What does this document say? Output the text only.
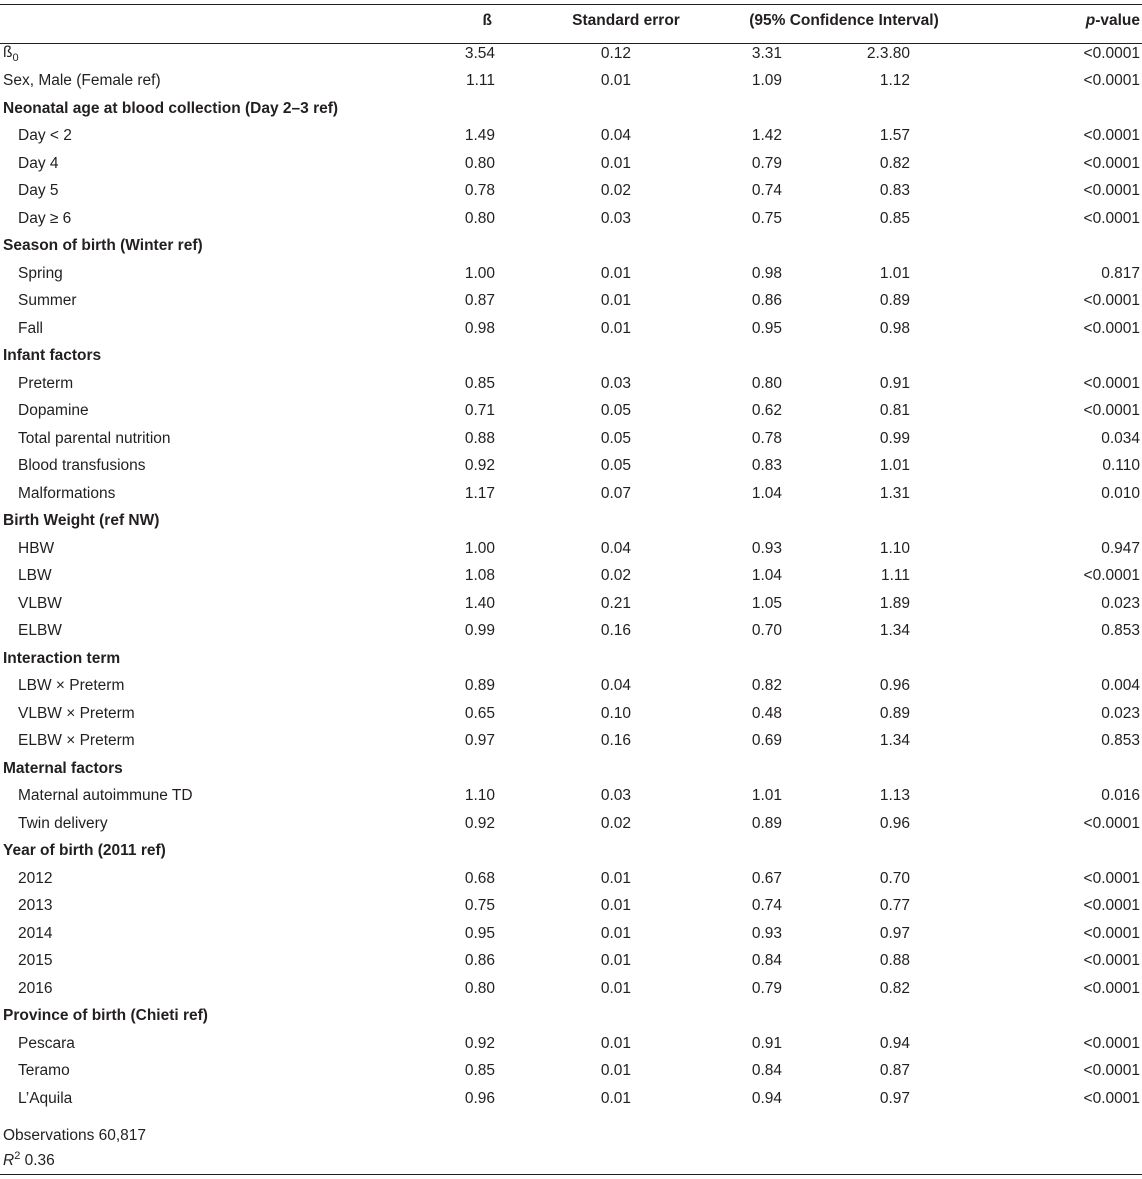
	ß	Standard error	(95% Confidence Interval)		p-value
$ß_0$	3.54	0.12	3.31	2.3.80	<0.0001
Sex, Male (Female ref)	1.11	0.01	1.09	1.12	<0.0001
Neonatal age at blood collection (Day 2–3 ref)					
Day < 2	1.49	0.04	1.42	1.57	<0.0001
Day 4	0.80	0.01	0.79	0.82	<0.0001
Day 5	0.78	0.02	0.74	0.83	<0.0001
Day ≥ 6	0.80	0.03	0.75	0.85	<0.0001
Season of birth (Winter ref)					
Spring	1.00	0.01	0.98	1.01	0.817
Summer	0.87	0.01	0.86	0.89	<0.0001
Fall	0.98	0.01	0.95	0.98	<0.0001
Infant factors					
Preterm	0.85	0.03	0.80	0.91	<0.0001
Dopamine	0.71	0.05	0.62	0.81	<0.0001
Total parental nutrition	0.88	0.05	0.78	0.99	0.034
Blood transfusions	0.92	0.05	0.83	1.01	0.110
Malformations	1.17	0.07	1.04	1.31	0.010
Birth Weight (ref NW)					
HBW	1.00	0.04	0.93	1.10	0.947
LBW	1.08	0.02	1.04	1.11	<0.0001
VLBW	1.40	0.21	1.05	1.89	0.023
ELBW	0.99	0.16	0.70	1.34	0.853
Interaction term					
LBW × Preterm	0.89	0.04	0.82	0.96	0.004
VLBW × Preterm	0.65	0.10	0.48	0.89	0.023
ELBW × Preterm	0.97	0.16	0.69	1.34	0.853
Maternal factors					
Maternal autoimmune TD	1.10	0.03	1.01	1.13	0.016
Twin delivery	0.92	0.02	0.89	0.96	<0.0001
Year of birth (2011 ref)					
2012	0.68	0.01	0.67	0.70	<0.0001
2013	0.75	0.01	0.74	0.77	<0.0001
2014	0.95	0.01	0.93	0.97	<0.0001
2015	0.86	0.01	0.84	0.88	<0.0001
2016	0.80	0.01	0.79	0.82	<0.0001
Province of birth (Chieti ref)					
Pescara	0.92	0.01	0.91	0.94	<0.0001
Teramo	0.85	0.01	0.84	0.87	<0.0001
L’Aquila	0.96	0.01	0.94	0.97	<0.0001
Observations 60,817
$R^2$ 0.36
